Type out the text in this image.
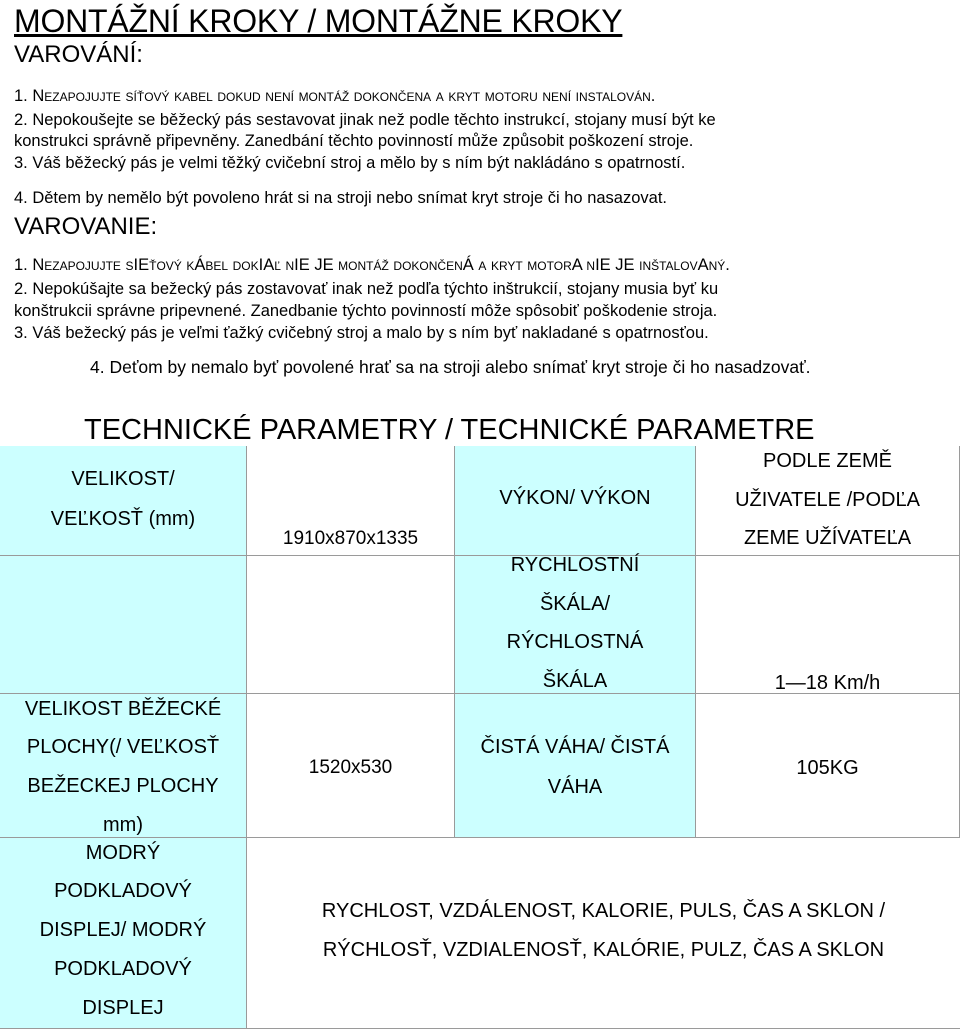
MONTÁŽNÍ KROKY / MONTÁŽNE KROKY
VAROVÁNÍ:
1. Nezapojujte síťový kabel dokud není montáž dokončena a kryt motoru není instalován.
2. Nepokoušejte se běžecký pás sestavovat jinak než podle těchto instrukcí, stojany musí být ke
konstrukci správně připevněny. Zanedbání těchto povinností může způsobit poškození stroje.
3. Váš běžecký pás je velmi těžký cvičební stroj a mělo by s ním být nakládáno s opatrností.
4. Dětem by nemělo být povoleno hrát si na stroji nebo snímat kryt stroje či ho nasazovat.
VAROVANIE:
1. Nezapojujte sIEťový kÁbel dokIAľ nIE JE montáž dokončenÁ a kryt motorA nIE JE inštalovAný.
2. Nepokúšajte sa bežecký pás zostavovať inak než podľa týchto inštrukcií, stojany musia byť ku
konštrukcii správne pripevnené. Zanedbanie týchto povinností môže spôsobiť poškodenie stroja.
3. Váš bežecký pás je veľmi ťažký cvičebný stroj a malo by s ním byť nakladané s opatrnosťou.
4. Deťom by nemalo byť povolené hrať sa na stroji alebo snímať kryt stroje či ho nasadzovať.
TECHNICKÉ PARAMETRY / TECHNICKÉ PARAMETRE
VELIKOST/
VEĽKOSŤ (mm)
1910x870x1335
VÝKON/ VÝKON
PODLE ZEMĚ
UŽIVATELE /PODĽA
ZEME UŽÍVATEĽA
RYCHLOSTNÍ
ŠKÁLA/
RÝCHLOSTNÁ
ŠKÁLA	1—18 Km/h
VELIKOST BĚŽECKÉ
PLOCHY(/ VEĽKOSŤ
BEŽECKEJ PLOCHY
mm)
1520x530
ČISTÁ VÁHA/ ČISTÁ
VÁHA
105KG
MODRÝ
PODKLADOVÝ
DISPLEJ/ MODRÝ
PODKLADOVÝ
DISPLEJ
RYCHLOST, VZDÁLENOST, KALORIE, PULS, ČAS A SKLON /
RÝCHLOSŤ, VZDIALENOSŤ, KALÓRIE, PULZ, ČAS A SKLON
